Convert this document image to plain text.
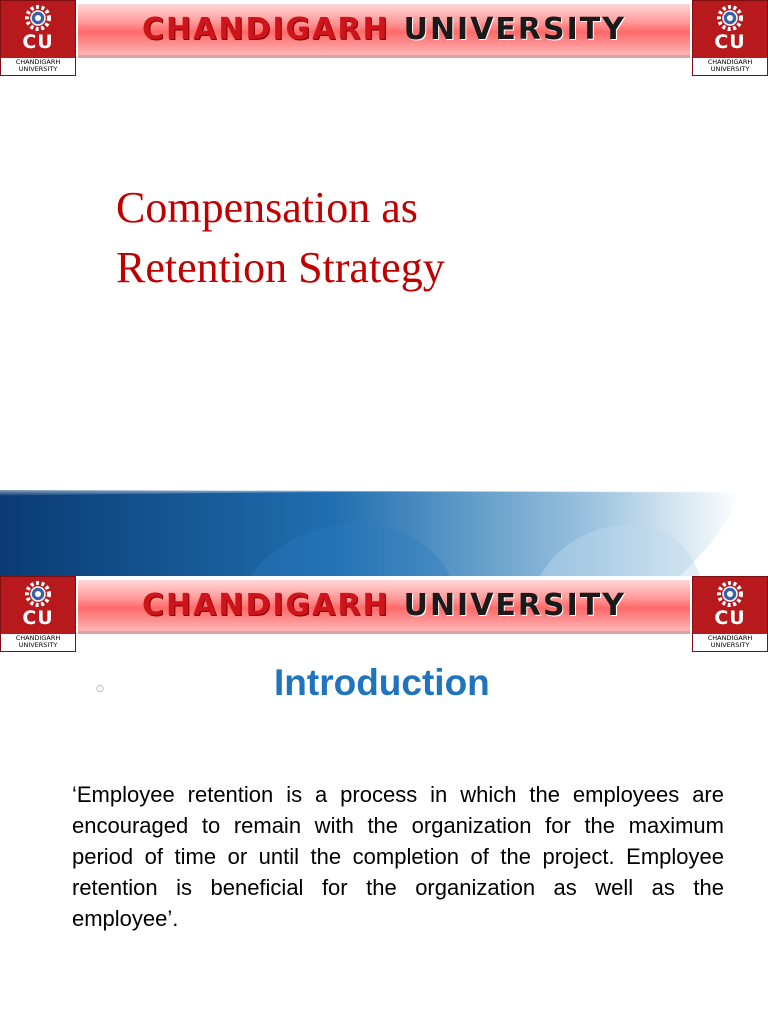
CU
CHANDIGARH
UNIVERSITY
CHANDIGARH UNIVERSITY	CU
CHANDIGARH
UNIVERSITY
Compensation as
Retention Strategy
CU
CHANDIGARH
UNIVERSITY
CHANDIGARH UNIVERSITY	CU
CHANDIGARH
UNIVERSITY
○	Introduction

‘Employee retention is a process in which the employees are encouraged to remain with the organization for the maximum period of time or until the completion of the project. Employee retention is beneficial for the organization as well as the employee’.
